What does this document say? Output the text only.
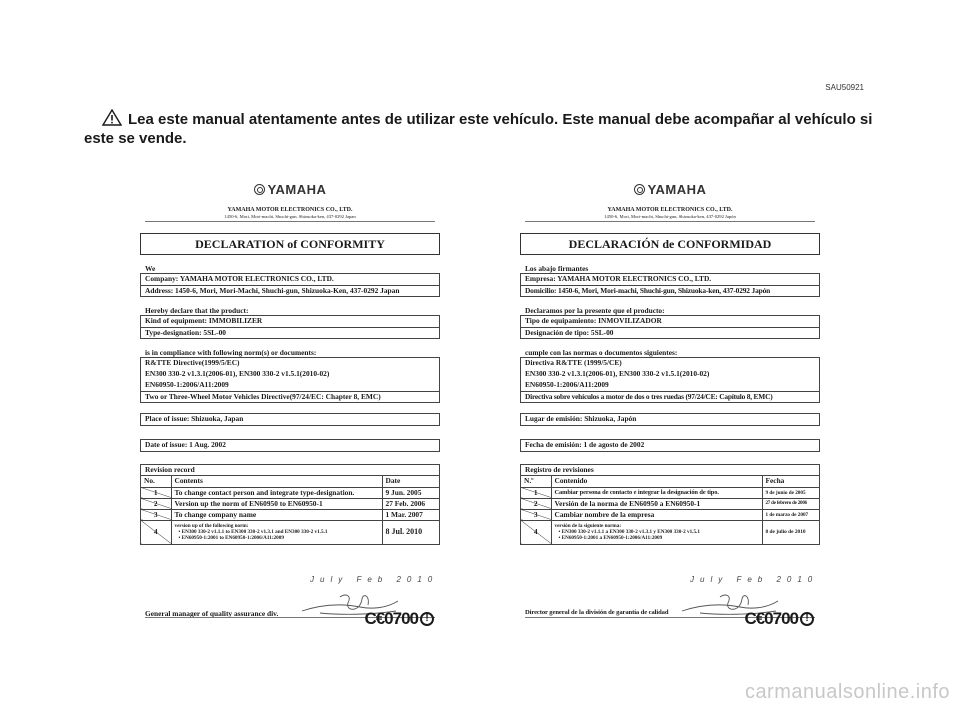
SAU50921
Lea este manual atentamente antes de utilizar este vehículo. Este manual debe acompañar al vehículo si este se vende.
YAMAHA
YAMAHA MOTOR ELECTRONICS CO., LTD.
1450-6, Mori, Mori-machi, Shuchi-gun, Shizuoka-ken, 437-0292 Japan
DECLARATION of CONFORMITY
We
Company: YAMAHA MOTOR ELECTRONICS CO., LTD.
Address: 1450-6, Mori, Mori-Machi, Shuchi-gun, Shizuoka-Ken, 437-0292 Japan
Hereby declare that the product:
Kind of equipment: IMMOBILIZER
Type-designation: 5SL-00
is in compliance with following norm(s) or documents:
R&TTE Directive(1999/5/EC)
EN300 330-2 v1.3.1(2006-01), EN300 330-2 v1.5.1(2010-02)
EN60950-1:2006/A11:2009
Two or Three-Wheel Motor Vehicles Directive(97/24/EC: Chapter 8, EMC)
Place of issue: Shizuoka, Japan
Date of issue: 1 Aug. 2002
Revision record
No.	Contents	Date
1	To change contact person and integrate type-designation.	9 Jun. 2005
2	Version up the norm of EN60950 to EN60950-1	27 Feb. 2006
3	To change company name	1 Mar. 2007
4	version up of the following norm:
• EN300 330-2 v1.1.1 to EN300 330-2 v1.3.1 and EN300 330-2 v1.5.1
• EN60950-1:2001 to EN60950-1:2006/A11:2009	8 Jul. 2010
July Feb 2010
General manager of quality assurance div.	C€0700 !
YAMAHA
YAMAHA MOTOR ELECTRONICS CO., LTD.
1450-6, Mori, Mori-machi, Shuchi-gun, Shizuoka-ken, 437-0292 Japón
DECLARACIÓN de CONFORMIDAD
Los abajo firmantes
Empresa: YAMAHA MOTOR ELECTRONICS CO., LTD.
Domicilio: 1450-6, Mori, Mori-machi, Shuchi-gun, Shizuoka-ken, 437-0292 Japón
Declaramos por la presente que el producto:
Tipo de equipamiento: INMOVILIZADOR
Designación de tipo: 5SL-00
cumple con las normas o documentos siguientes:
Directiva R&TTE (1999/5/CE)
EN300 330-2 v1.3.1(2006-01), EN300 330-2 v1.5.1(2010-02)
EN60950-1:2006/A11:2009
Directiva sobre vehículos a motor de dos o tres ruedas (97/24/CE: Capítulo 8, EMC)
Lugar de emisión: Shizuoka, Japón
Fecha de emisión: 1 de agosto de 2002
Registro de revisiones
N.º	Contenido	Fecha
1	Cambiar persona de contacto e integrar la designación de tipo.	9 de junio de 2005
2	Versión de la norma de EN60950 a EN60950-1	27 de febrero de 2006
3	Cambiar nombre de la empresa	1 de marzo de 2007
4	versión de la siguiente norma:
• EN300 330-2 v1.1.1 a EN300 330-2 v1.3.1 y EN300 330-2 v1.5.1
• EN60950-1:2001 a EN60950-1:2006/A11:2009	8 de julio de 2010
July Feb 2010
Director general de la división de garantía de calidad	C€0700 !
carmanualsonline.info
